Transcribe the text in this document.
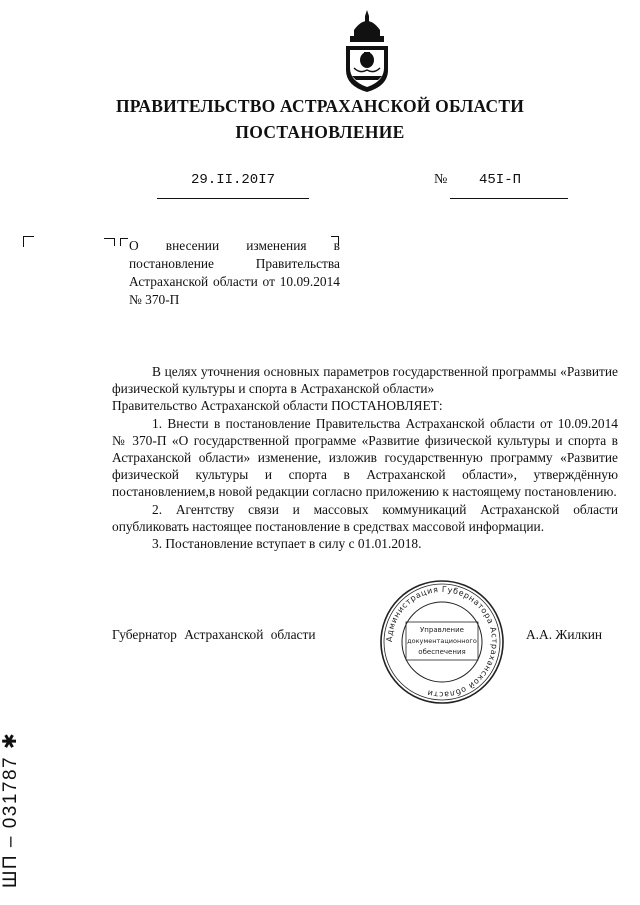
ПРАВИТЕЛЬСТВО АСТРАХАНСКОЙ ОБЛАСТИ
ПОСТАНОВЛЕНИЕ
29.II.20I7	№	45I-П
О внесении изменения в постановление Правительства Астраханской области от 10.09.2014 № 370-П

В целях уточнения основных параметров государственной программы «Развитие физической культуры и спорта в Астраханской области»

Правительство Астраханской области ПОСТАНОВЛЯЕТ:

1. Внести в постановление Правительства Астраханской области от 10.09.2014 № 370-П «О государственной программе «Развитие физической культуры и спорта в Астраханской области» изменение, изложив государственную программу «Развитие физической культуры и спорта в Астраханской области», утверждённую постановлением,в новой редакции согласно приложению к настоящему постановлению.

2. Агентству связи и массовых коммуникаций Астраханской области опубликовать настоящее постановление в средствах массовой информации.

3. Постановление вступает в силу с 01.01.2018.

Губернатор Астраханской области	А.А. Жилкин
Администрация Губернатора Астраханской области
Управление
документационного
обеспечения
ШП – 031787 ✱
